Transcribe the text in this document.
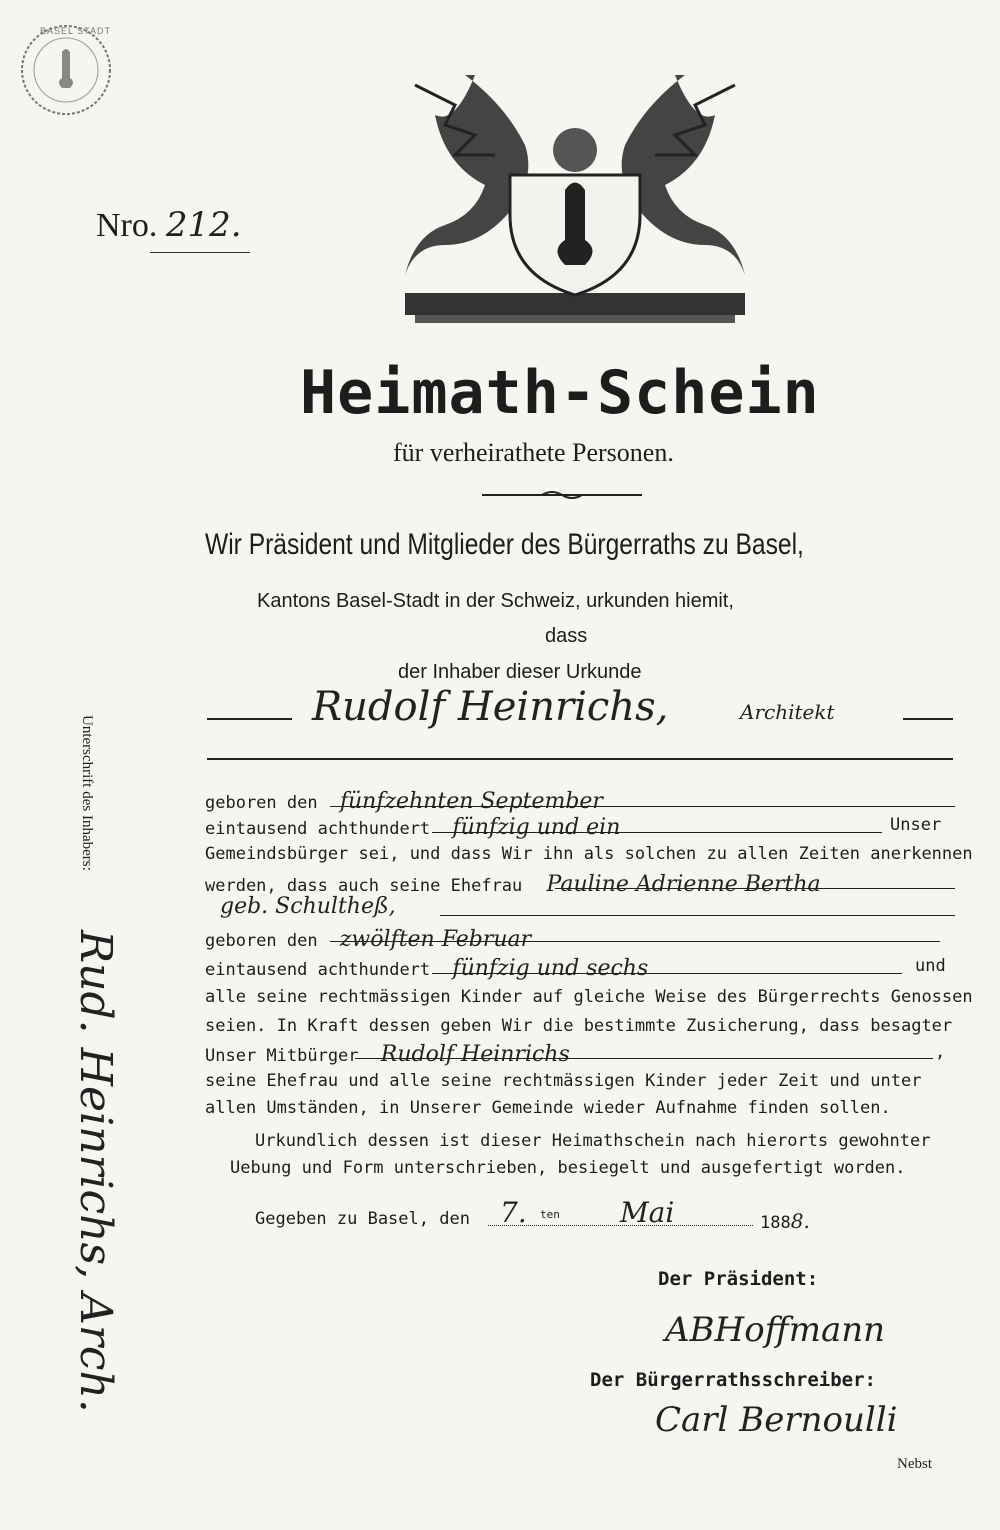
BASEL STADT
Nro. 212.
Heimath-Schein
für verheirathete Personen.
Wir Präsident und Mitglieder des Bürgerraths zu Basel,
Kantons Basel-Stadt in der Schweiz, urkunden hiemit,
dass
der Inhaber dieser Urkunde
Rudolf Heinrichs,	Architekt
Unterschrift des Inhabers:
Rud. Heinrichs, Arch.
geboren den fünfzehnten September
eintausend achthundert fünfzig und ein	Unser
Gemeindsbürger sei, und dass Wir ihn als solchen zu allen Zeiten anerkennen
werden, dass auch seine Ehefrau Pauline Adrienne Bertha
geb. Schultheß,
geboren den zwölften Februar
eintausend achthundert fünfzig und sechs	und
alle seine rechtmässigen Kinder auf gleiche Weise des Bürgerrechts Genossen
seien. In Kraft dessen geben Wir die bestimmte Zusicherung, dass besagter
Unser Mitbürger Rudolf Heinrichs	,
seine Ehefrau und alle seine rechtmässigen Kinder jeder Zeit und unter
allen Umständen, in Unserer Gemeinde wieder Aufnahme finden sollen.
Urkundlich dessen ist dieser Heimathschein nach hierorts gewohnter
Uebung und Form unterschrieben, besiegelt und ausgefertigt worden.
Gegeben zu Basel, den 7. ten Mai	1888.
Der Präsident:
ABHoffmann
Der Bürgerrathsschreiber:
Carl Bernoulli
Nebst
